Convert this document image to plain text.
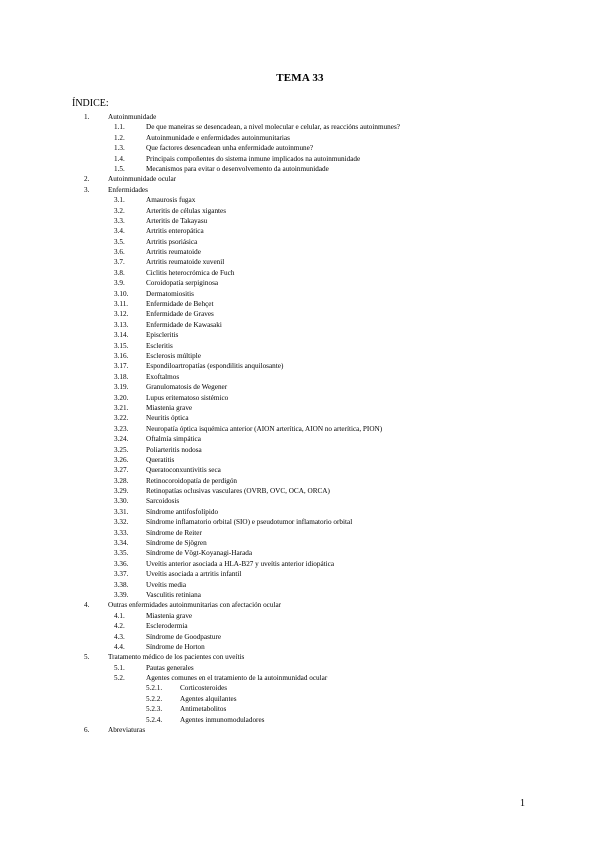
TEMA 33
ÍNDICE:
1.	Autoinmunidade
1.1.	De que maneiras se desencadean, a nivel molecular e celular, as reaccións autoinmunes?
1.2.	Autoinmunidade e enfermidades autoinmunitarias
1.3.	Que factores desencadean unha enfermidade autoinmune?
1.4.	Principais compoñentes do sistema inmune implicados na autoinmunidade
1.5.	Mecanismos para evitar o desenvolvemento da autoinmunidade
2.	Autoinmunidade ocular
3.	Enfermidades
3.1.	Amaurosis fugax
3.2.	Arteritis de células xigantes
3.3.	Arteritis de Takayasu
3.4.	Artritis enteropática
3.5.	Artritis psoriásica
3.6.	Artritis reumatoide
3.7.	Artritis reumatoide xuvenil
3.8.	Ciclitis heterocrómica de Fuch
3.9.	Coroidopatía serpiginosa
3.10. Dermatomiositis
3.11. Enfermidade de Behçet
3.12. Enfermidade de Graves
3.13. Enfermidade de Kawasaki
3.14. Episcleritis
3.15. Escleritis
3.16. Esclerosis múltiple
3.17. Espondiloartropatías (espondilitis anquilosante)
3.18. Exoftalmos
3.19. Granulomatosis de Wegener
3.20. Lupus eritematoso sistémico
3.21. Miastenia grave
3.22. Neuritis óptica
3.23. Neuropatía óptica isquémica anterior (AION arterítica, AION no arterítica, PION)
3.24. Oftalmía simpática
3.25. Poliarteritis nodosa
3.26. Queratitis
3.27. Queratoconxuntivitis seca
3.28. Retinocoroidopatía de perdigón
3.29. Retinopatías oclusivas vasculares (OVRB, OVC, OCA, ORCA)
3.30. Sarcoidosis
3.31. Síndrome antifosfolípido
3.32. Síndrome inflamatorio orbital (SIO) e pseudotumor inflamatorio orbital
3.33. Síndrome de Reiter
3.34. Síndrome de Sjögren
3.35. Síndrome de Vögt-Koyanagi-Harada
3.36. Uveítis anterior asociada a HLA-B27 y uveítis anterior idiopática
3.37. Uveítis asociada a artritis infantil
3.38. Uveítis media
3.39. Vasculitis retiniana
4.	Outras enfermidades autoinmunitarias con afectación ocular
4.1.	Miastenia grave
4.2.	Esclerodermia
4.3.	Síndrome de Goodpasture
4.4.	Síndrome de Horton
5.	Tratamento médico de los pacientes con uveítis
5.1.	Pautas generales
5.2.	Agentes comunes en el tratamiento de la autoinmunidad ocular
5.2.1. Corticosteroides
5.2.2. Agentes alquilantes
5.2.3. Antimetabolitos
5.2.4. Agentes inmunomoduladores
6.	Abreviaturas
1
